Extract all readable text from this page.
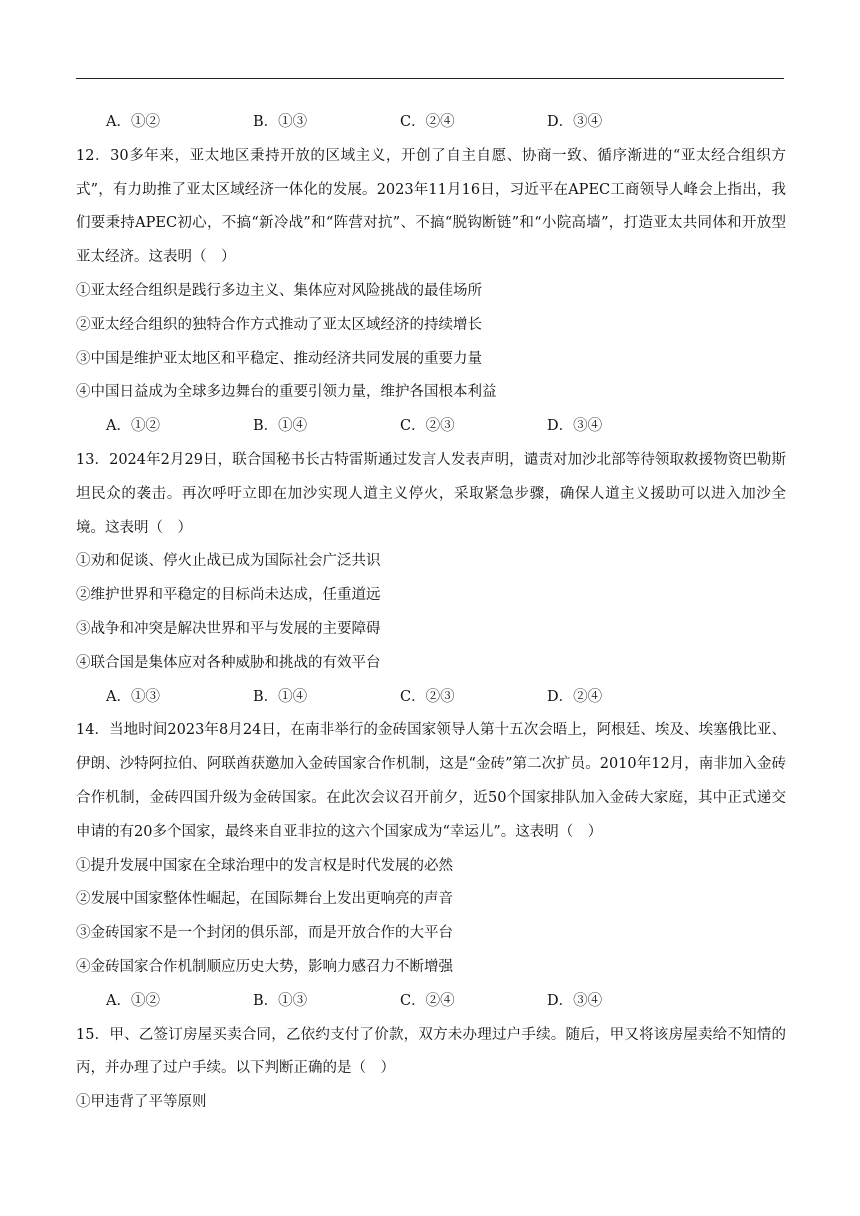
A．①②	B．①③	C．②④	D．③④
12．30多年来，亚太地区秉持开放的区域主义，开创了自主自愿、协商一致、循序渐进的“亚太经合组织方式”，有力助推了亚太区域经济一体化的发展。2023年11月16日，习近平在APEC工商领导人峰会上指出，我们要秉持APEC初心，不搞“新冷战”和“阵营对抗”、不搞“脱钩断链”和“小院高墙”，打造亚太共同体和开放型亚太经济。这表明（　）
①亚太经合组织是践行多边主义、集体应对风险挑战的最佳场所
②亚太经合组织的独特合作方式推动了亚太区域经济的持续增长
③中国是维护亚太地区和平稳定、推动经济共同发展的重要力量
④中国日益成为全球多边舞台的重要引领力量，维护各国根本利益
A．①②	B．①④	C．②③	D．③④
13．2024年2月29日，联合国秘书长古特雷斯通过发言人发表声明，谴责对加沙北部等待领取救援物资巴勒斯坦民众的袭击。再次呼吁立即在加沙实现人道主义停火，采取紧急步骤，确保人道主义援助可以进入加沙全境。这表明（　）
①劝和促谈、停火止战已成为国际社会广泛共识
②维护世界和平稳定的目标尚未达成，任重道远
③战争和冲突是解决世界和平与发展的主要障碍
④联合国是集体应对各种威胁和挑战的有效平台
A．①③	B．①④	C．②③	D．②④
14．当地时间2023年8月24日，在南非举行的金砖国家领导人第十五次会晤上，阿根廷、埃及、埃塞俄比亚、伊朗、沙特阿拉伯、阿联酋获邀加入金砖国家合作机制，这是“金砖”第二次扩员。2010年12月，南非加入金砖合作机制，金砖四国升级为金砖国家。在此次会议召开前夕，近50个国家排队加入金砖大家庭，其中正式递交申请的有20多个国家，最终来自亚非拉的这六个国家成为“幸运儿”。这表明（　）
①提升发展中国家在全球治理中的发言权是时代发展的必然
②发展中国家整体性崛起，在国际舞台上发出更响亮的声音
③金砖国家不是一个封闭的俱乐部，而是开放合作的大平台
④金砖国家合作机制顺应历史大势，影响力感召力不断增强
A．①②	B．①③	C．②④	D．③④
15．甲、乙签订房屋买卖合同，乙依约支付了价款，双方未办理过户手续。随后，甲又将该房屋卖给不知情的丙，并办理了过户手续。以下判断正确的是（　）
①甲违背了平等原则
